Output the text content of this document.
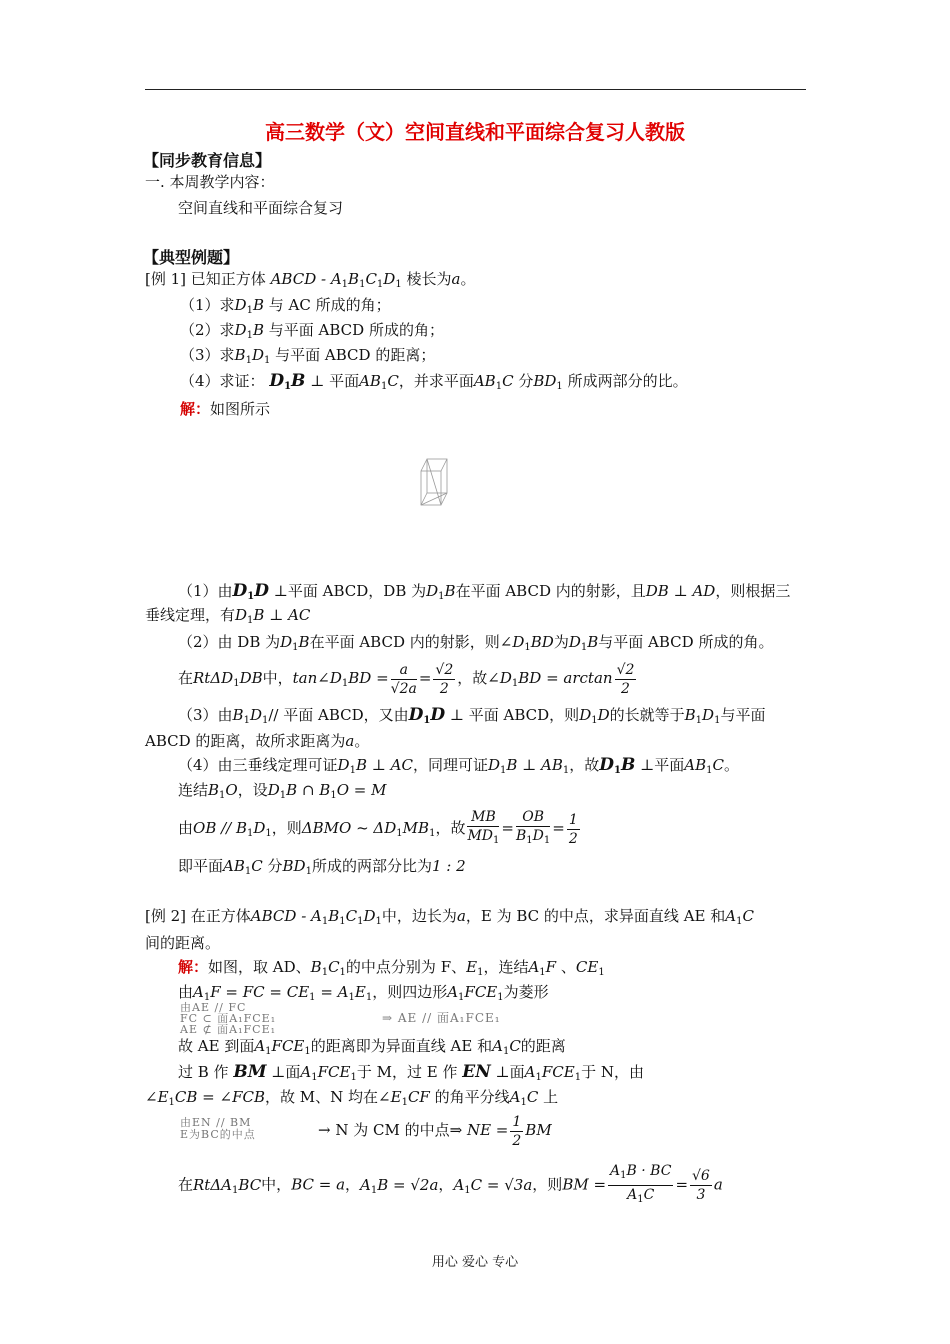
高三数学（文）空间直线和平面综合复习人教版
【同步教育信息】
一. 本周教学内容：
空间直线和平面综合复习
【典型例题】
[例 1] 已知正方体 ABCD - $A_1B_1C_1D_1$ 棱长为a。
（1）求$D_1B$ 与 AC 所成的角；
（2）求$D_1B$ 与平面 ABCD 所成的角；
（3）求$B_1D_1$ 与平面 ABCD 的距离；
（4）求证： $D_1B$ ⊥ 平面$AB_1C$，并求平面$AB_1C$ 分$BD_1$ 所成两部分的比。
解：如图所示
（1）由$D_1D$ ⊥平面 ABCD，DB 为$D_1B$在平面 ABCD 内的射影，且DB ⊥ AD，则根据三
垂线定理，有$D_1B$ ⊥ AC
（2）由 DB 为$D_1B$在平面 ABCD 内的射影，则$\angle D_1BD$为$D_1B$与平面 ABCD 所成的角。
在RtΔD$_1$DB中，$\tan\angle D_1BD = \frac{a}{√2a} = \frac{√2}{2}$ ，故$\angle D_1BD = \arctan \frac{√2}{2}$
（3）由$B_1D_1//$ 平面 ABCD，又由$D_1D$ ⊥ 平面 ABCD，则$D_1D$的长就等于$B_1D_1$与平面
ABCD 的距离，故所求距离为a。
（4）由三垂线定理可证$D_1B$ ⊥ AC，同理可证$D_1B$ ⊥ $AB_1$，故$D_1B$ ⊥平面$AB_1C$。
连结$B_1O$，设$D_1B$ ∩ $B_1O = M$
由OB // $B_1D_1$，则ΔBMO ~ $\Delta D_1MB_1$，故 $\frac{MB}{MD_1} = \frac{OB}{B_1D_1} = \frac{1}{2}$
即平面$AB_1C$ 分$BD_1$所成的两部分比为1 : 2
[例 2] 在正方体ABCD - $A_1B_1C_1D_1$中，边长为a，E 为 BC 的中点，求异面直线 AE 和$A_1C$
间的距离。
解：如图，取 AD、$B_1C_1$的中点分别为 F、$E_1$，连结$A_1F$ 、$CE_1$
由$A_1F$ = FC = $CE_1 = A_1E_1$，则四边形$A_1FCE_1$为菱形
由AE // FC
FC ⊂ 面A₁FCE₁
AE ⊄ 面A₁FCE₁
⇒ AE // 面A₁FCE₁
故 AE 到面$A_1FCE_1$的距离即为异面直线 AE 和$A_1C$的距离
过 B 作 BM ⊥面$A_1FCE_1$于 M，过 E 作 EN ⊥面$A_1FCE_1$于 N，由
$\angle E_1CB$ = ∠FCB，故 M、N 均在$\angle E_1CF$ 的角平分线$A_1C$ 上
由EN // BM
E为BC的中点	→ N 为 CM 的中点⇒ NE = $\frac{1}{2}$ BM
在RtΔA$_1$BC中，BC = a，$A_1B = √2a$，$A_1C = √3a$，则BM = $\frac{A_1B \cdot BC}{A_1C} = \frac{√6}{3}$ a
用心 爱心 专心
